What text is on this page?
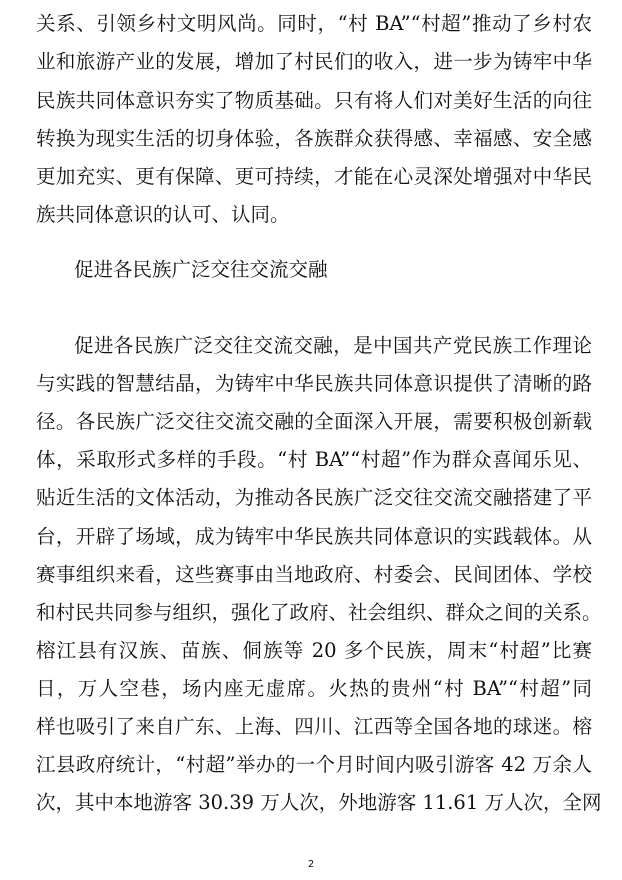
关系、引领乡村文明风尚。同时，“村 BA”“村超”推动了乡村农
业和旅游产业的发展，增加了村民们的收入，进一步为铸牢中华
民族共同体意识夯实了物质基础。只有将人们对美好生活的向往
转换为现实生活的切身体验，各族群众获得感、幸福感、安全感
更加充实、更有保障、更可持续，才能在心灵深处增强对中华民
族共同体意识的认可、认同。
促进各民族广泛交往交流交融
促进各民族广泛交往交流交融，是中国共产党民族工作理论
与实践的智慧结晶，为铸牢中华民族共同体意识提供了清晰的路
径。各民族广泛交往交流交融的全面深入开展，需要积极创新载
体，采取形式多样的手段。“村 BA”“村超”作为群众喜闻乐见、
贴近生活的文体活动，为推动各民族广泛交往交流交融搭建了平
台，开辟了场域，成为铸牢中华民族共同体意识的实践载体。从
赛事组织来看，这些赛事由当地政府、村委会、民间团体、学校
和村民共同参与组织，强化了政府、社会组织、群众之间的关系。
榕江县有汉族、苗族、侗族等 20 多个民族，周末“村超”比赛
日，万人空巷，场内座无虚席。火热的贵州“村 BA”“村超”同
样也吸引了来自广东、上海、四川、江西等全国各地的球迷。榕
江县政府统计，“村超”举办的一个月时间内吸引游客 42 万余人
次，其中本地游客 30.39 万人次，外地游客 11.61 万人次，全网
2
